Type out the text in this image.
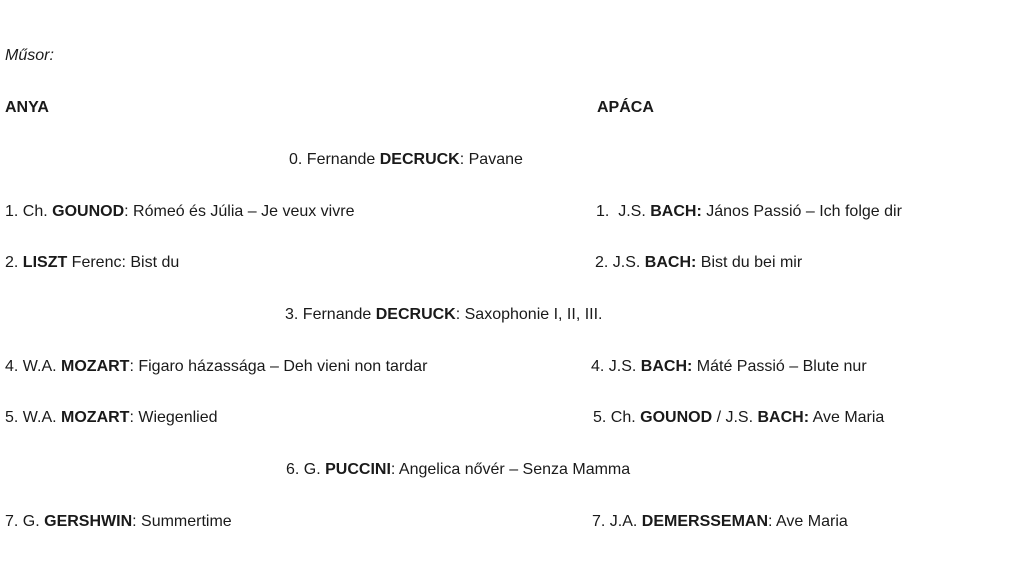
Műsor:
ANYA	APÁCA
0. Fernande DECRUCK: Pavane
3. Fernande DECRUCK: Saxophonie I, II, III.
6. G. PUCCINI: Angelica nővér – Senza Mamma
1. Ch. GOUNOD: Rómeó és Júlia – Je veux vivre
2. LISZT Ferenc: Bist du
4. W.A. MOZART: Figaro házassága – Deh vieni non tardar
5. W.A. MOZART: Wiegenlied
7. G. GERSHWIN: Summertime
1.  J.S. BACH: János Passió – Ich folge dir
2. J.S. BACH: Bist du bei mir
4. J.S. BACH: Máté Passió – Blute nur
5. Ch. GOUNOD / J.S. BACH: Ave Maria
7. J.A. DEMERSSEMAN: Ave Maria
